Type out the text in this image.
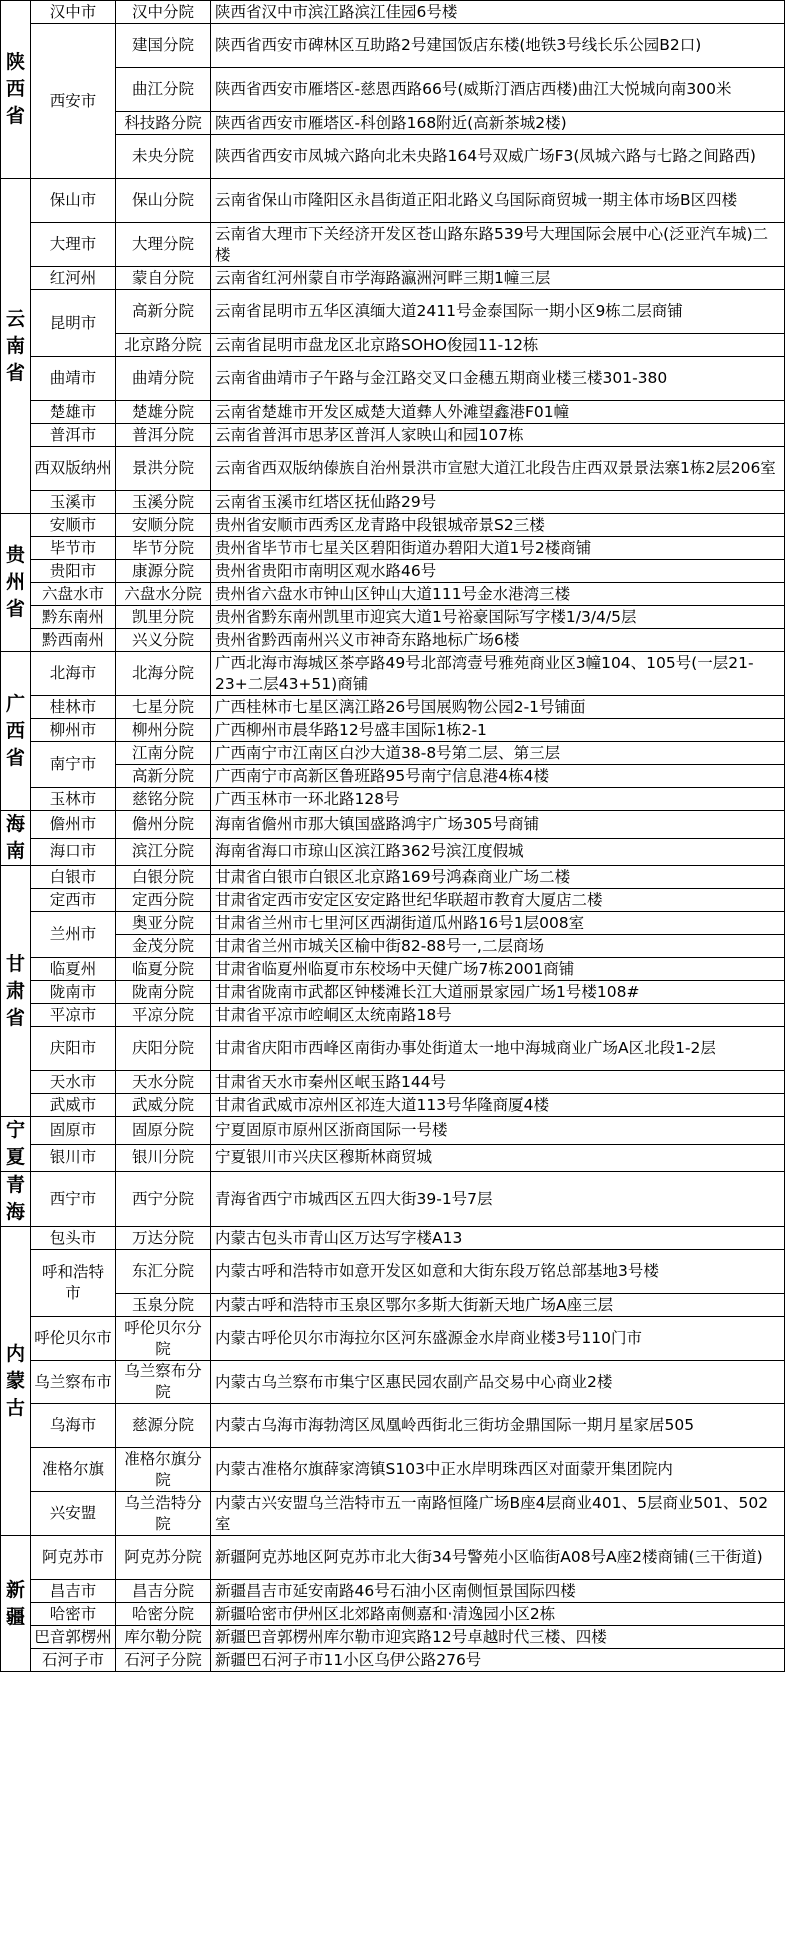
陕
西
省	汉中市	汉中分院	陕西省汉中市滨江路滨江佳园6号楼
	西安市	建国分院	陕西省西安市碑林区互助路2号建国饭店东楼(地铁3号线长乐公园B2口)
		曲江分院	陕西省西安市雁塔区-慈恩西路66号(威斯汀酒店西楼)曲江大悦城向南300米
		科技路分院	陕西省西安市雁塔区-科创路168附近(高新茶城2楼)
		未央分院	陕西省西安市凤城六路向北未央路164号双威广场F3(凤城六路与七路之间路西)

云
南
省	保山市	保山分院	云南省保山市隆阳区永昌街道正阳北路义乌国际商贸城一期主体市场B区四楼
	大理市	大理分院	云南省大理市下关经济开发区苍山路东路539号大理国际会展中心(泛亚汽车城)二楼
	红河州	蒙自分院	云南省红河州蒙自市学海路瀛洲河畔三期1幢三层
	昆明市	高新分院	云南省昆明市五华区滇缅大道2411号金泰国际一期小区9栋二层商铺
		北京路分院	云南省昆明市盘龙区北京路SOHO俊园11-12栋
	曲靖市	曲靖分院	云南省曲靖市子午路与金江路交叉口金穗五期商业楼三楼301-380
	楚雄市	楚雄分院	云南省楚雄市开发区威楚大道彝人外滩望鑫港F01幢
	普洱市	普洱分院	云南省普洱市思茅区普洱人家映山和园107栋
	西双版纳州	景洪分院	云南省西双版纳傣族自治州景洪市宣慰大道江北段告庄西双景景法寨1栋2层206室
	玉溪市	玉溪分院	云南省玉溪市红塔区抚仙路29号

贵
州
省	安顺市	安顺分院	贵州省安顺市西秀区龙青路中段银城帝景S2三楼
	毕节市	毕节分院	贵州省毕节市七星关区碧阳街道办碧阳大道1号2楼商铺
	贵阳市	康源分院	贵州省贵阳市南明区观水路46号
	六盘水市	六盘水分院	贵州省六盘水市钟山区钟山大道111号金水港湾三楼
	黔东南州	凯里分院	贵州省黔东南州凯里市迎宾大道1号裕豪国际写字楼1/3/4/5层
	黔西南州	兴义分院	贵州省黔西南州兴义市神奇东路地标广场6楼

广
西
省	北海市	北海分院	广西北海市海城区茶亭路49号北部湾壹号雅苑商业区3幢104、105号(一层21-23+二层43+51)商铺
	桂林市	七星分院	广西桂林市七星区漓江路26号国展购物公园2-1号铺面
	柳州市	柳州分院	广西柳州市晨华路12号盛丰国际1栋2-1
	南宁市	江南分院	广西南宁市江南区白沙大道38-8号第二层、第三层
		高新分院	广西南宁市高新区鲁班路95号南宁信息港4栋4楼
	玉林市	慈铭分院	广西玉林市一环北路128号

海
南	儋州市	儋州分院	海南省儋州市那大镇国盛路鸿宇广场305号商铺
	海口市	滨江分院	海南省海口市琼山区滨江路362号滨江度假城

甘
肃
省	白银市	白银分院	甘肃省白银市白银区北京路169号鸿森商业广场二楼
	定西市	定西分院	甘肃省定西市安定区安定路世纪华联超市教育大厦店二楼
	兰州市	奥亚分院	甘肃省兰州市七里河区西湖街道瓜州路16号1层008室
		金茂分院	甘肃省兰州市城关区榆中街82-88号一,二层商场
	临夏州	临夏分院	甘肃省临夏州临夏市东校场中天健广场7栋2001商铺
	陇南市	陇南分院	甘肃省陇南市武都区钟楼滩长江大道丽景家园广场1号楼108#
	平凉市	平凉分院	甘肃省平凉市崆峒区太统南路18号
	庆阳市	庆阳分院	甘肃省庆阳市西峰区南街办事处街道太一地中海城商业广场A区北段1-2层
	天水市	天水分院	甘肃省天水市秦州区岷玉路144号
	武威市	武威分院	甘肃省武威市凉州区祁连大道113号华隆商厦4楼

宁
夏	固原市	固原分院	宁夏固原市原州区浙商国际一号楼
	银川市	银川分院	宁夏银川市兴庆区穆斯林商贸城

青
海	西宁市	西宁分院	青海省西宁市城西区五四大街39-1号7层

内
蒙
古	包头市	万达分院	内蒙古包头市青山区万达写字楼A13

	呼和浩特
市	东汇分院	内蒙古呼和浩特市如意开发区如意和大街东段万铭总部基地3号楼
		玉泉分院	内蒙古呼和浩特市玉泉区鄂尔多斯大街新天地广场A座三层
	呼伦贝尔市	呼伦贝尔分院	内蒙古呼伦贝尔市海拉尔区河东盛源金水岸商业楼3号110门市
	乌兰察布市	乌兰察布分院	内蒙古乌兰察布市集宁区惠民园农副产品交易中心商业2楼
	乌海市	慈源分院	内蒙古乌海市海勃湾区凤凰岭西街北三街坊金鼎国际一期月星家居505
	准格尔旗	准格尔旗分院	内蒙古准格尔旗薛家湾镇S103中正水岸明珠西区对面蒙开集团院内
	兴安盟	乌兰浩特分院	内蒙古兴安盟乌兰浩特市五一南路恒隆广场B座4层商业401、5层商业501、502室

新
疆	阿克苏市	阿克苏分院	新疆阿克苏地区阿克苏市北大街34号警苑小区临街A08号A座2楼商铺(三干街道)
	昌吉市	昌吉分院	新疆昌吉市延安南路46号石油小区南侧恒景国际四楼
	哈密市	哈密分院	新疆哈密市伊州区北郊路南侧嘉和·清逸园小区2栋
	巴音郭楞州	库尔勒分院	新疆巴音郭楞州库尔勒市迎宾路12号卓越时代三楼、四楼
	石河子市	石河子分院	新疆巴石河子市11小区乌伊公路276号
